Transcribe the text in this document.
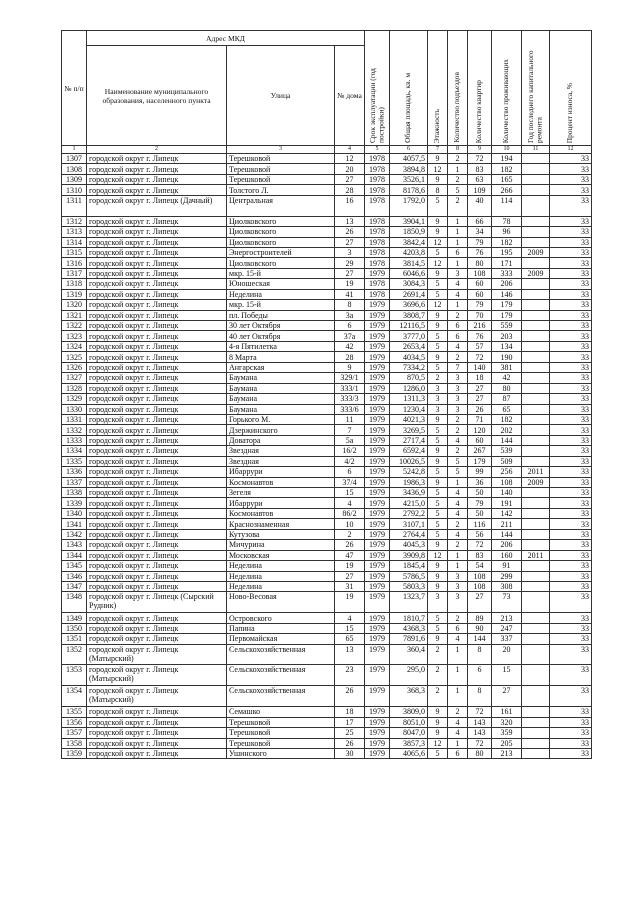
№ п/п	Адрес МКД			Срок эксплуатации (год постройки)	Общая площадь, кв. м	Этажность	Количество подъездов	Количество квартир	Количество проживающих	Год последнего капитального ремонта	Процент износа, %

	Наименование муниципального образования, населенного пункта	Улица	№ дома								
1	2	3	4	5	6	7	8	9	10	11	12
1307	городской округ г. Липецк	Терешковой	12	1978	4057,5	9	2	72	194		33
1308	городской округ г. Липецк	Терешковой	20	1978	3894,8	12	1	83	182		33
1309	городской округ г. Липецк	Терешковой	27	1978	3526,1	9	2	63	165		33
1310	городской округ г. Липецк	Толстого Л.	28	1978	8178,6	8	5	109	266		33
1311	городской округ г. Липецк (Дачный)	Центральная	16	1978	1792,0	5	2	40	114		33
1312	городской округ г. Липецк	Циолковского	13	1978	3904,1	9	1	66	78		33
1313	городской округ г. Липецк	Циолковского	26	1978	1850,9	9	1	34	96		33
1314	городской округ г. Липецк	Циолковского	27	1978	3842,4	12	1	79	182		33
1315	городской округ г. Липецк	Энергостроителей	3	1978	4203,8	5	6	76	195	2009	33
1316	городской округ г. Липецк	Циолковского	29	1978	3814,5	12	1	80	171		33
1317	городской округ г. Липецк	мкр. 15-й	27	1979	6046,6	9	3	108	333	2009	33
1318	городской округ г. Липецк	Юношеская	19	1978	3084,3	5	4	60	206		33
1319	городской округ г. Липецк	Неделина	41	1978	2691,4	5	4	60	146		33
1320	городской округ г. Липецк	мкр. 15-й	8	1979	3696,6	12	1	79	179		33
1321	городской округ г. Липецк	пл. Победы	3а	1979	3808,7	9	2	70	179		33
1322	городской округ г. Липецк	30 лет Октября	6	1979	12116,5	9	6	216	559		33
1323	городской округ г. Липецк	40 лет Октября	37а	1979	3777,0	5	6	76	203		33
1324	городской округ г. Липецк	4-я Пятилетка	42	1979	2653,4	5	4	57	134		33
1325	городской округ г. Липецк	8 Марта	28	1979	4034,5	9	2	72	190		33
1326	городской округ г. Липецк	Ангарская	9	1979	7334,2	5	7	140	381		33
1327	городской округ г. Липецк	Баумана	329/1	1979	870,5	2	3	18	42		33
1328	городской округ г. Липецк	Баумана	333/1	1979	1286,0	3	3	27	80		33
1329	городской округ г. Липецк	Баумана	333/3	1979	1311,3	3	3	27	87		33
1330	городской округ г. Липецк	Баумана	333/6	1979	1230,4	3	3	26	65		33
1331	городской округ г. Липецк	Горького М.	11	1979	4021,3	9	2	71	182		33
1332	городской округ г. Липецк	Дзержинского	7	1979	3269,5	5	2	120	202		33
1333	городской округ г. Липецк	Доватора	5а	1979	2717,4	5	4	60	144		33
1334	городской округ г. Липецк	Звездная	16/2	1979	6592,4	9	2	267	539		33
1335	городской округ г. Липецк	Звездная	4/2	1979	10026,5	9	5	179	509		33
1336	городской округ г. Липецк	Ибаррури	6	1979	5242,8	5	5	99	256	2011	33
1337	городской округ г. Липецк	Космонавтов	37/4	1979	1986,3	9	1	36	108	2009	33
1338	городской округ г. Липецк	Зегеля	15	1979	3436,9	5	4	50	140		33
1339	городской округ г. Липецк	Ибаррури	4	1979	4215,0	5	4	79	191		33
1340	городской округ г. Липецк	Космонавтов	86/2	1979	2792,2	5	4	50	142		33
1341	городской округ г. Липецк	Краснознаменная	10	1979	3107,1	5	2	116	211		33
1342	городской округ г. Липецк	Кутузова	2	1979	2764,4	5	4	56	144		33
1343	городской округ г. Липецк	Мичурина	26	1979	4045,3	9	2	72	206		33
1344	городской округ г. Липецк	Московская	47	1979	3909,8	12	1	83	160	2011	33
1345	городской округ г. Липецк	Неделина	19	1979	1845,4	9	1	54	91		33
1346	городской округ г. Липецк	Неделина	27	1979	5786,5	9	3	108	299		33
1347	городской округ г. Липецк	Неделина	31	1979	5803,3	9	3	108	308		33
1348	городской округ г. Липецк (Сырский Рудник)	Ново-Весовая	19	1979	1323,7	3	3	27	73		33
1349	городской округ г. Липецк	Островского	4	1979	1810,7	5	2	89	213		33
1350	городской округ г. Липецк	Папина	15	1979	4368,3	5	6	90	247		33
1351	городской округ г. Липецк	Первомайская	65	1979	7891,6	9	4	144	337		33
1352	городской округ г. Липецк (Матырский)	Сельскохозяйственная	13	1979	360,4	2	1	8	20		33
1353	городской округ г. Липецк (Матырский)	Сельскохозяйственная	23	1979	295,0	2	1	6	15		33
1354	городской округ г. Липецк (Матырский)	Сельскохозяйственная	26	1979	368,3	2	1	8	27		33
1355	городской округ г. Липецк	Семашко	18	1979	3809,0	9	2	72	161		33
1356	городской округ г. Липецк	Терешковой	17	1979	8051,0	9	4	143	320		33
1357	городской округ г. Липецк	Терешковой	25	1979	8047,0	9	4	143	359		33
1358	городской округ г. Липецк	Терешковой	26	1979	3857,3	12	1	72	205		33
1359	городской округ г. Липецк	Ушинского	30	1979	4065,6	5	6	80	213		33
